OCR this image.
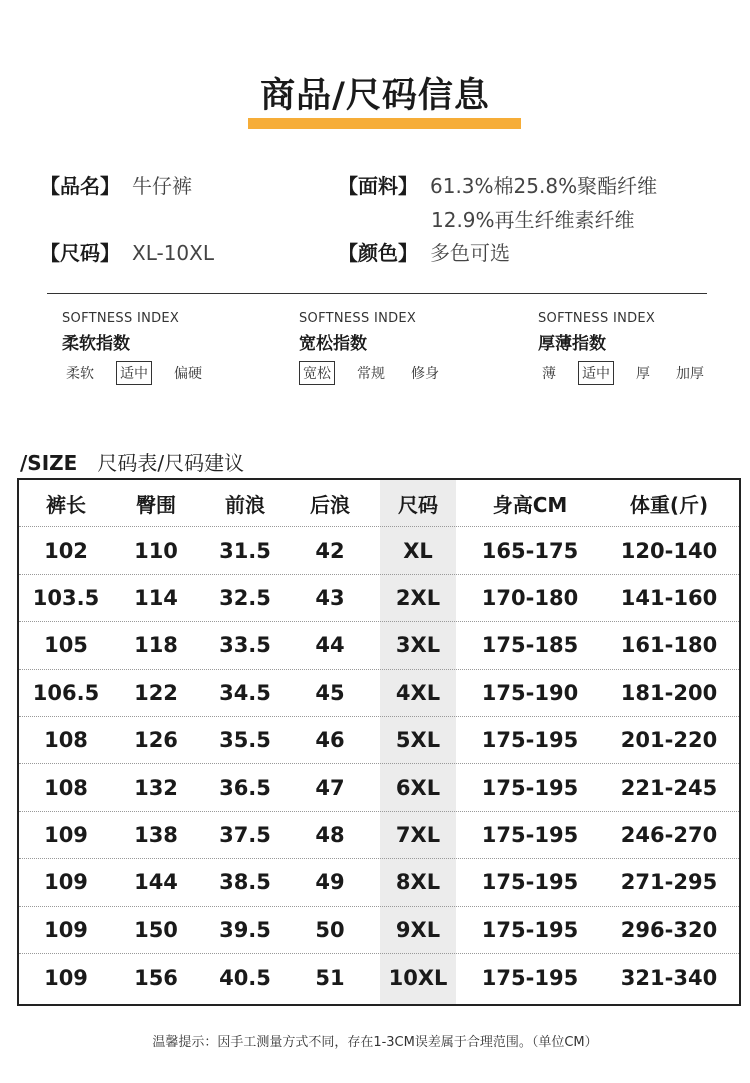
商品/尺码信息
【品名】 牛仔裤
【尺码】 XL-10XL
【面料】 61.3%棉25.8%聚酯纤维
12.9%再生纤维素纤维
【颜色】 多色可选
SOFTNESS INDEX
柔软指数
柔软 适中 偏硬
SOFTNESS INDEX
宽松指数
宽松 常规 修身
SOFTNESS INDEX
厚薄指数
薄 适中 厚 加厚
/SIZE 尺码表/尺码建议
裤长	臀围	前浪	后浪	尺码	身高CM	体重(斤)
102	110	31.5	42	XL	165-175	120-140
103.5	114	32.5	43	2XL	170-180	141-160
105	118	33.5	44	3XL	175-185	161-180
106.5	122	34.5	45	4XL	175-190	181-200
108	126	35.5	46	5XL	175-195	201-220
108	132	36.5	47	6XL	175-195	221-245
109	138	37.5	48	7XL	175-195	246-270
109	144	38.5	49	8XL	175-195	271-295
109	150	39.5	50	9XL	175-195	296-320
109	156	40.5	51	10XL	175-195	321-340
温馨提示：因手工测量方式不同，存在1-3CM误差属于合理范围。（单位CM）
